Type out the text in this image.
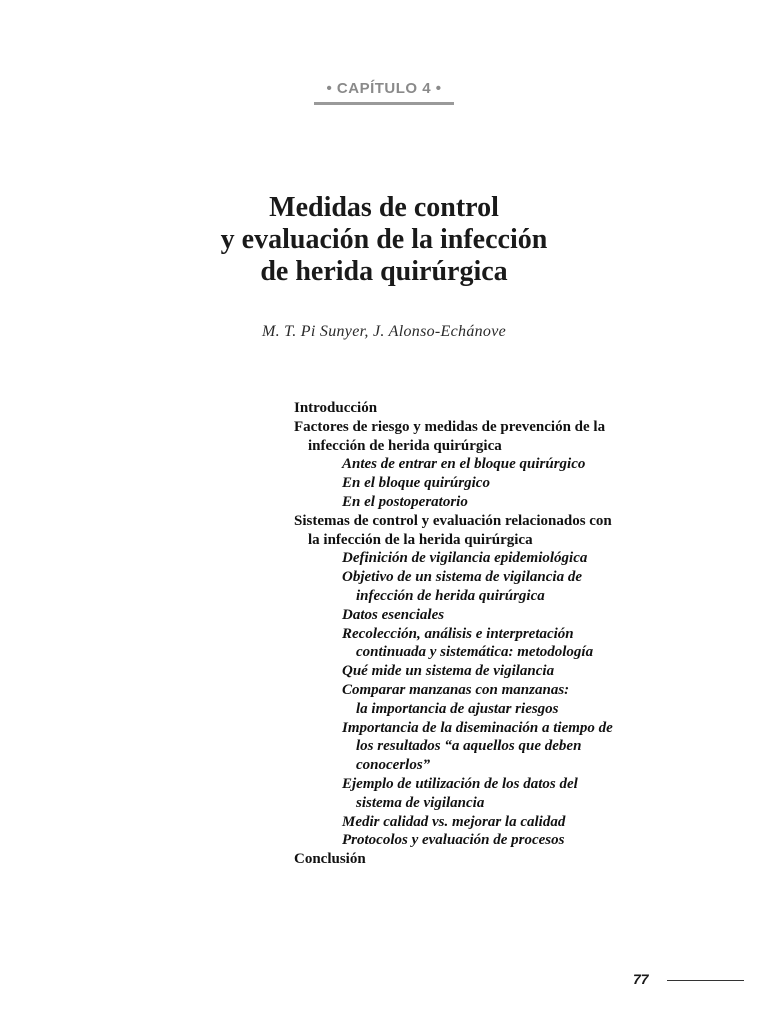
• CAPÍTULO 4 •
Medidas de control
y evaluación de la infección
de herida quirúrgica
M. T. Pi Sunyer, J. Alonso-Echánove
Introducción
Factores de riesgo y medidas de prevención de la
infección de herida quirúrgica
Antes de entrar en el bloque quirúrgico
En el bloque quirúrgico
En el postoperatorio
Sistemas de control y evaluación relacionados con
la infección de la herida quirúrgica
Definición de vigilancia epidemiológica
Objetivo de un sistema de vigilancia de
infección de herida quirúrgica
Datos esenciales
Recolección, análisis e interpretación
continuada y sistemática: metodología
Qué mide un sistema de vigilancia
Comparar manzanas con manzanas:
la importancia de ajustar riesgos
Importancia de la diseminación a tiempo de
los resultados “a aquellos que deben
conocerlos”
Ejemplo de utilización de los datos del
sistema de vigilancia
Medir calidad vs. mejorar la calidad
Protocolos y evaluación de procesos
Conclusión
77
